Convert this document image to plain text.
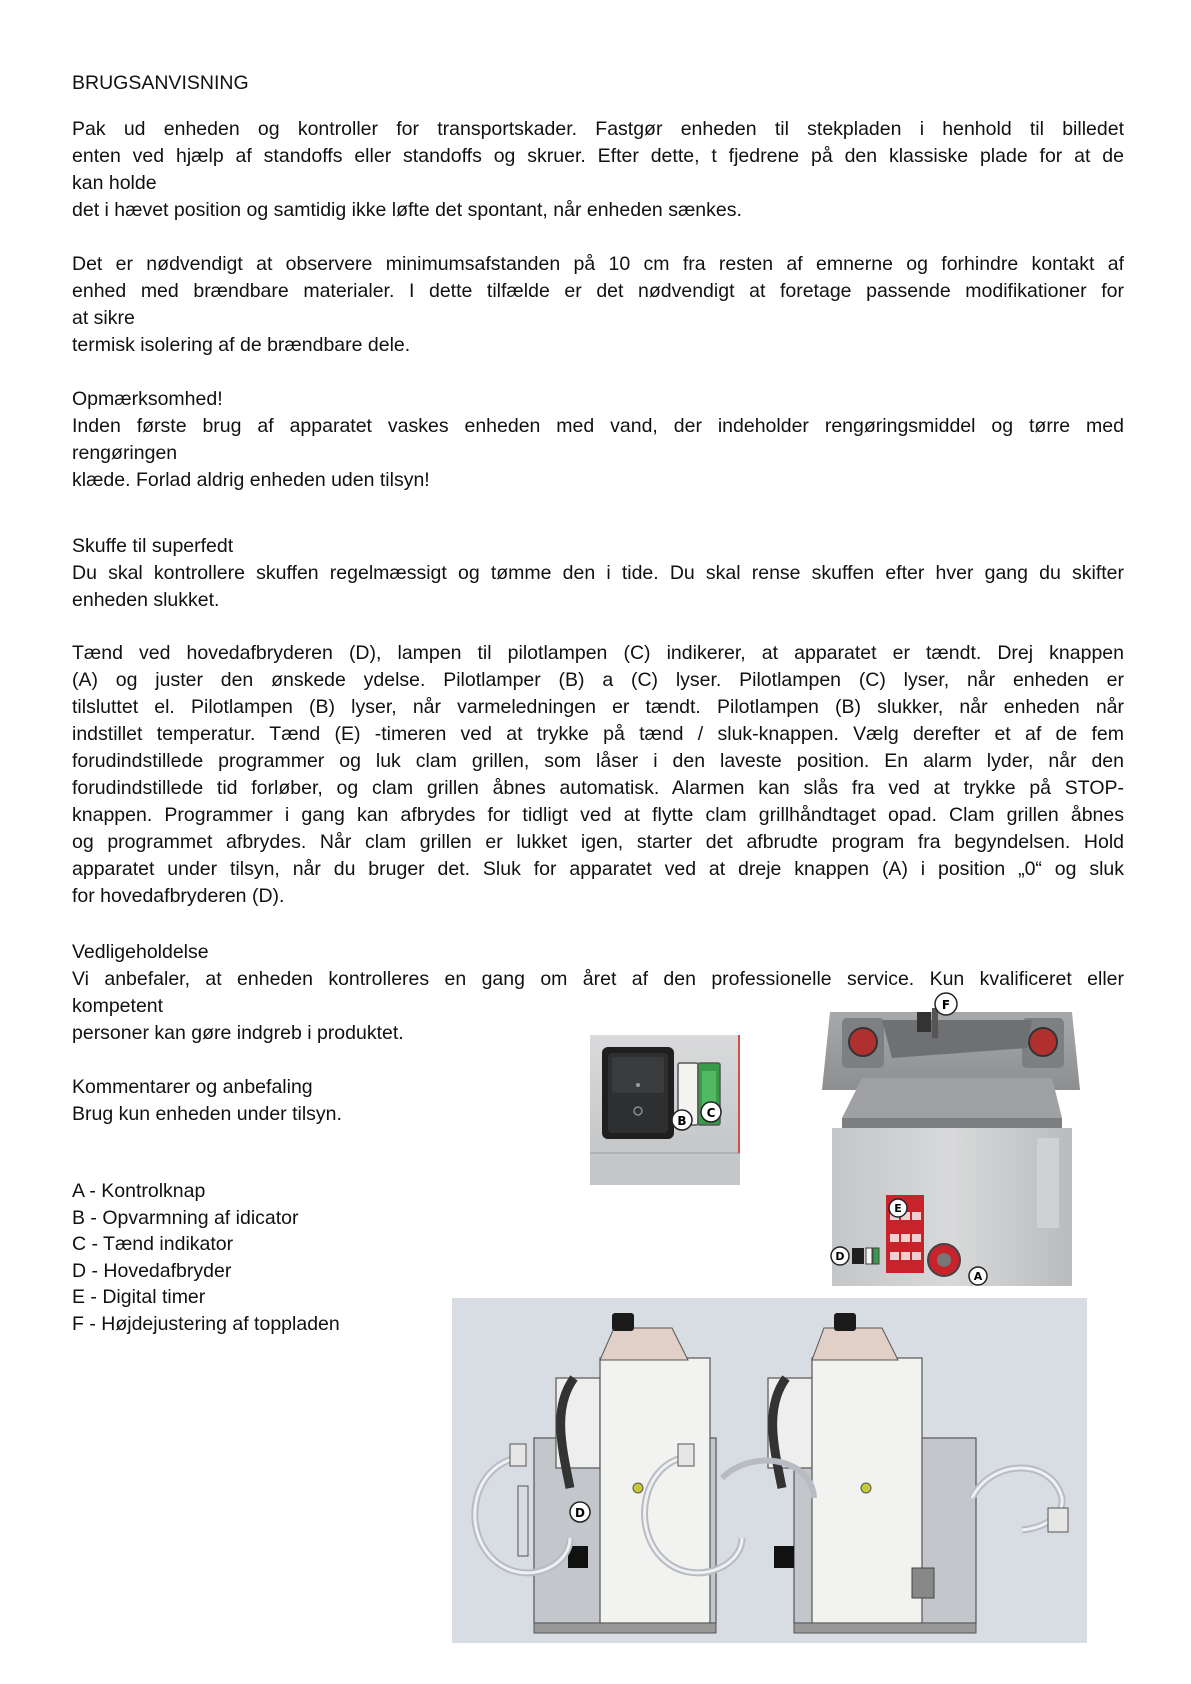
BRUGSANVISNING
Pak ud enheden og kontroller for transportskader. Fastgør enheden til stekpladen i henhold til billedet
enten ved hjælp af standoffs eller standoffs og skruer. Efter dette, t fjedrene på den klassiske plade for at de
kan holde
det i hævet position og samtidig ikke løfte det spontant, når enheden sænkes.
Det er nødvendigt at observere minimumsafstanden på 10 cm fra resten af emnerne og forhindre kontakt af
enhed med brændbare materialer. I dette tilfælde er det nødvendigt at foretage passende modifikationer for
at sikre
termisk isolering af de brændbare dele.
Opmærksomhed!
Inden første brug af apparatet vaskes enheden med vand, der indeholder rengøringsmiddel og tørre med
rengøringen
klæde. Forlad aldrig enheden uden tilsyn!
Skuffe til superfedt
Du skal kontrollere skuffen regelmæssigt og tømme den i tide. Du skal rense skuffen efter hver gang du skifter
enheden slukket.
Tænd ved hovedafbryderen (D), lampen til pilotlampen (C) indikerer, at apparatet er tændt. Drej knappen
(A) og juster den ønskede ydelse. Pilotlamper (B) a (C) lyser. Pilotlampen (C) lyser, når enheden er
tilsluttet el. Pilotlampen (B) lyser, når varmeledningen er tændt. Pilotlampen (B) slukker, når enheden når
indstillet temperatur. Tænd (E) -timeren ved at trykke på tænd / sluk-knappen. Vælg derefter et af de fem
forudindstillede programmer og luk clam grillen, som låser i den laveste position. En alarm lyder, når den
forudindstillede tid forløber, og clam grillen åbnes automatisk. Alarmen kan slås fra ved at trykke på STOP-
knappen. Programmer i gang kan afbrydes for tidligt ved at flytte clam grillhåndtaget opad. Clam grillen åbnes
og programmet afbrydes. Når clam grillen er lukket igen, starter det afbrudte program fra begyndelsen. Hold
apparatet under tilsyn, når du bruger det. Sluk for apparatet ved at dreje knappen (A) i position „0“ og sluk
for hovedafbryderen (D).
Vedligeholdelse
Vi anbefaler, at enheden kontrolleres en gang om året af den professionelle service. Kun kvalificeret eller
kompetent
personer kan gøre indgreb i produktet.
Kommentarer og anbefaling
Brug kun enheden under tilsyn.
A - Kontrolknap
B - Opvarmning af idicator
C - Tænd indikator
D - Hovedafbryder
E - Digital timer
F - Højdejustering af toppladen
B
C
F
E
D
A
D
